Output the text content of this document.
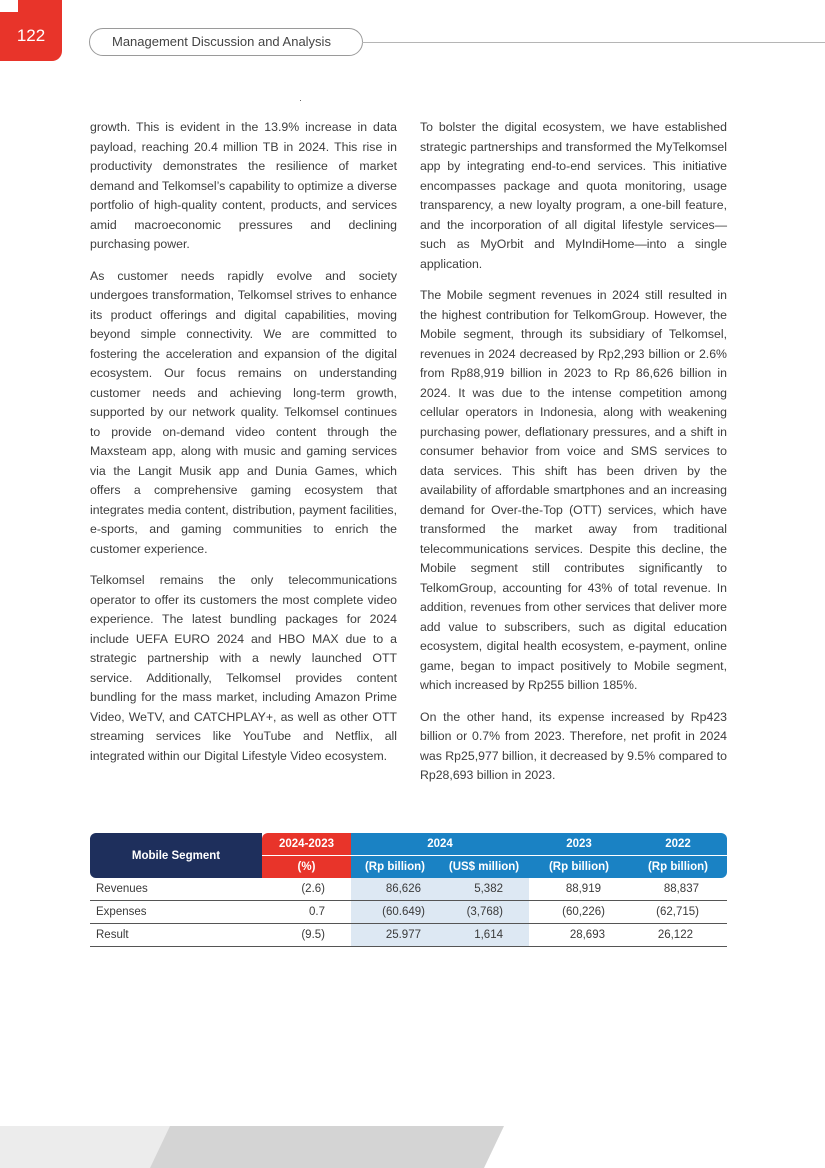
122	Management Discussion and Analysis

growth. This is evident in the 13.9% increase in data payload, reaching 20.4 million TB in 2024. This rise in productivity demonstrates the resilience of market demand and Telkomsel’s capability to optimize a diverse portfolio of high-quality content, products, and services amid macroeconomic pressures and declining purchasing power.

As customer needs rapidly evolve and society undergoes transformation, Telkomsel strives to enhance its product offerings and digital capabilities, moving beyond simple connectivity. We are committed to fostering the acceleration and expansion of the digital ecosystem. Our focus remains on understanding customer needs and achieving long-term growth, supported by our network quality. Telkomsel continues to provide on-demand video content through the Maxsteam app, along with music and gaming services via the Langit Musik app and Dunia Games, which offers a comprehensive gaming ecosystem that integrates media content, distribution, payment facilities, e-sports, and gaming communities to enrich the customer experience.

Telkomsel remains the only telecommunications operator to offer its customers the most complete video experience. The latest bundling packages for 2024 include UEFA EURO 2024 and HBO MAX due to a strategic partnership with a newly launched OTT service. Additionally, Telkomsel provides content bundling for the mass market, including Amazon Prime Video, WeTV, and CATCHPLAY+, as well as other OTT streaming services like YouTube and Netflix, all integrated within our Digital Lifestyle Video ecosystem.

To bolster the digital ecosystem, we have established strategic partnerships and transformed the MyTelkomsel app by integrating end-to-end services. This initiative encompasses package and quota monitoring, usage transparency, a new loyalty program, a one-bill feature, and the incorporation of all digital lifestyle services—such as MyOrbit and MyIndiHome—into a single application.

The Mobile segment revenues in 2024 still resulted in the highest contribution for TelkomGroup. However, the Mobile segment, through its subsidiary of Telkomsel, revenues in 2024 decreased by Rp2,293 billion or 2.6% from Rp88,919 billion in 2023 to Rp 86,626 billion in 2024. It was due to the intense competition among cellular operators in Indonesia, along with weakening purchasing power, deflationary pressures, and a shift in consumer behavior from voice and SMS services to data services. This shift has been driven by the availability of affordable smartphones and an increasing demand for Over-the-Top (OTT) services, which have transformed the market away from traditional telecommunications services. Despite this decline, the Mobile segment still contributes significantly to TelkomGroup, accounting for 43% of total revenue. In addition, revenues from other services that deliver more add value to subscribers, such as digital education ecosystem, digital health ecosystem, e-payment, online game, began to impact positively to Mobile segment, which increased by Rp255 billion 185%.

On the other hand, its expense increased by Rp423 billion or 0.7% from 2023. Therefore, net profit in 2024 was Rp25,977 billion, it decreased by 9.5% compared to Rp28,693 billion in 2023.

Mobile Segment	2024-2023	2024		2023	2022
	(%)	(Rp billion)	(US$ million)	(Rp billion)	(Rp billion)
Revenues	(2.6)	86,626	5,382	88,919	88,837
Expenses	0.7	(60.649)	(3,768)	(60,226)	(62,715)
Result	(9.5)	25.977	1,614	28,693	26,122
